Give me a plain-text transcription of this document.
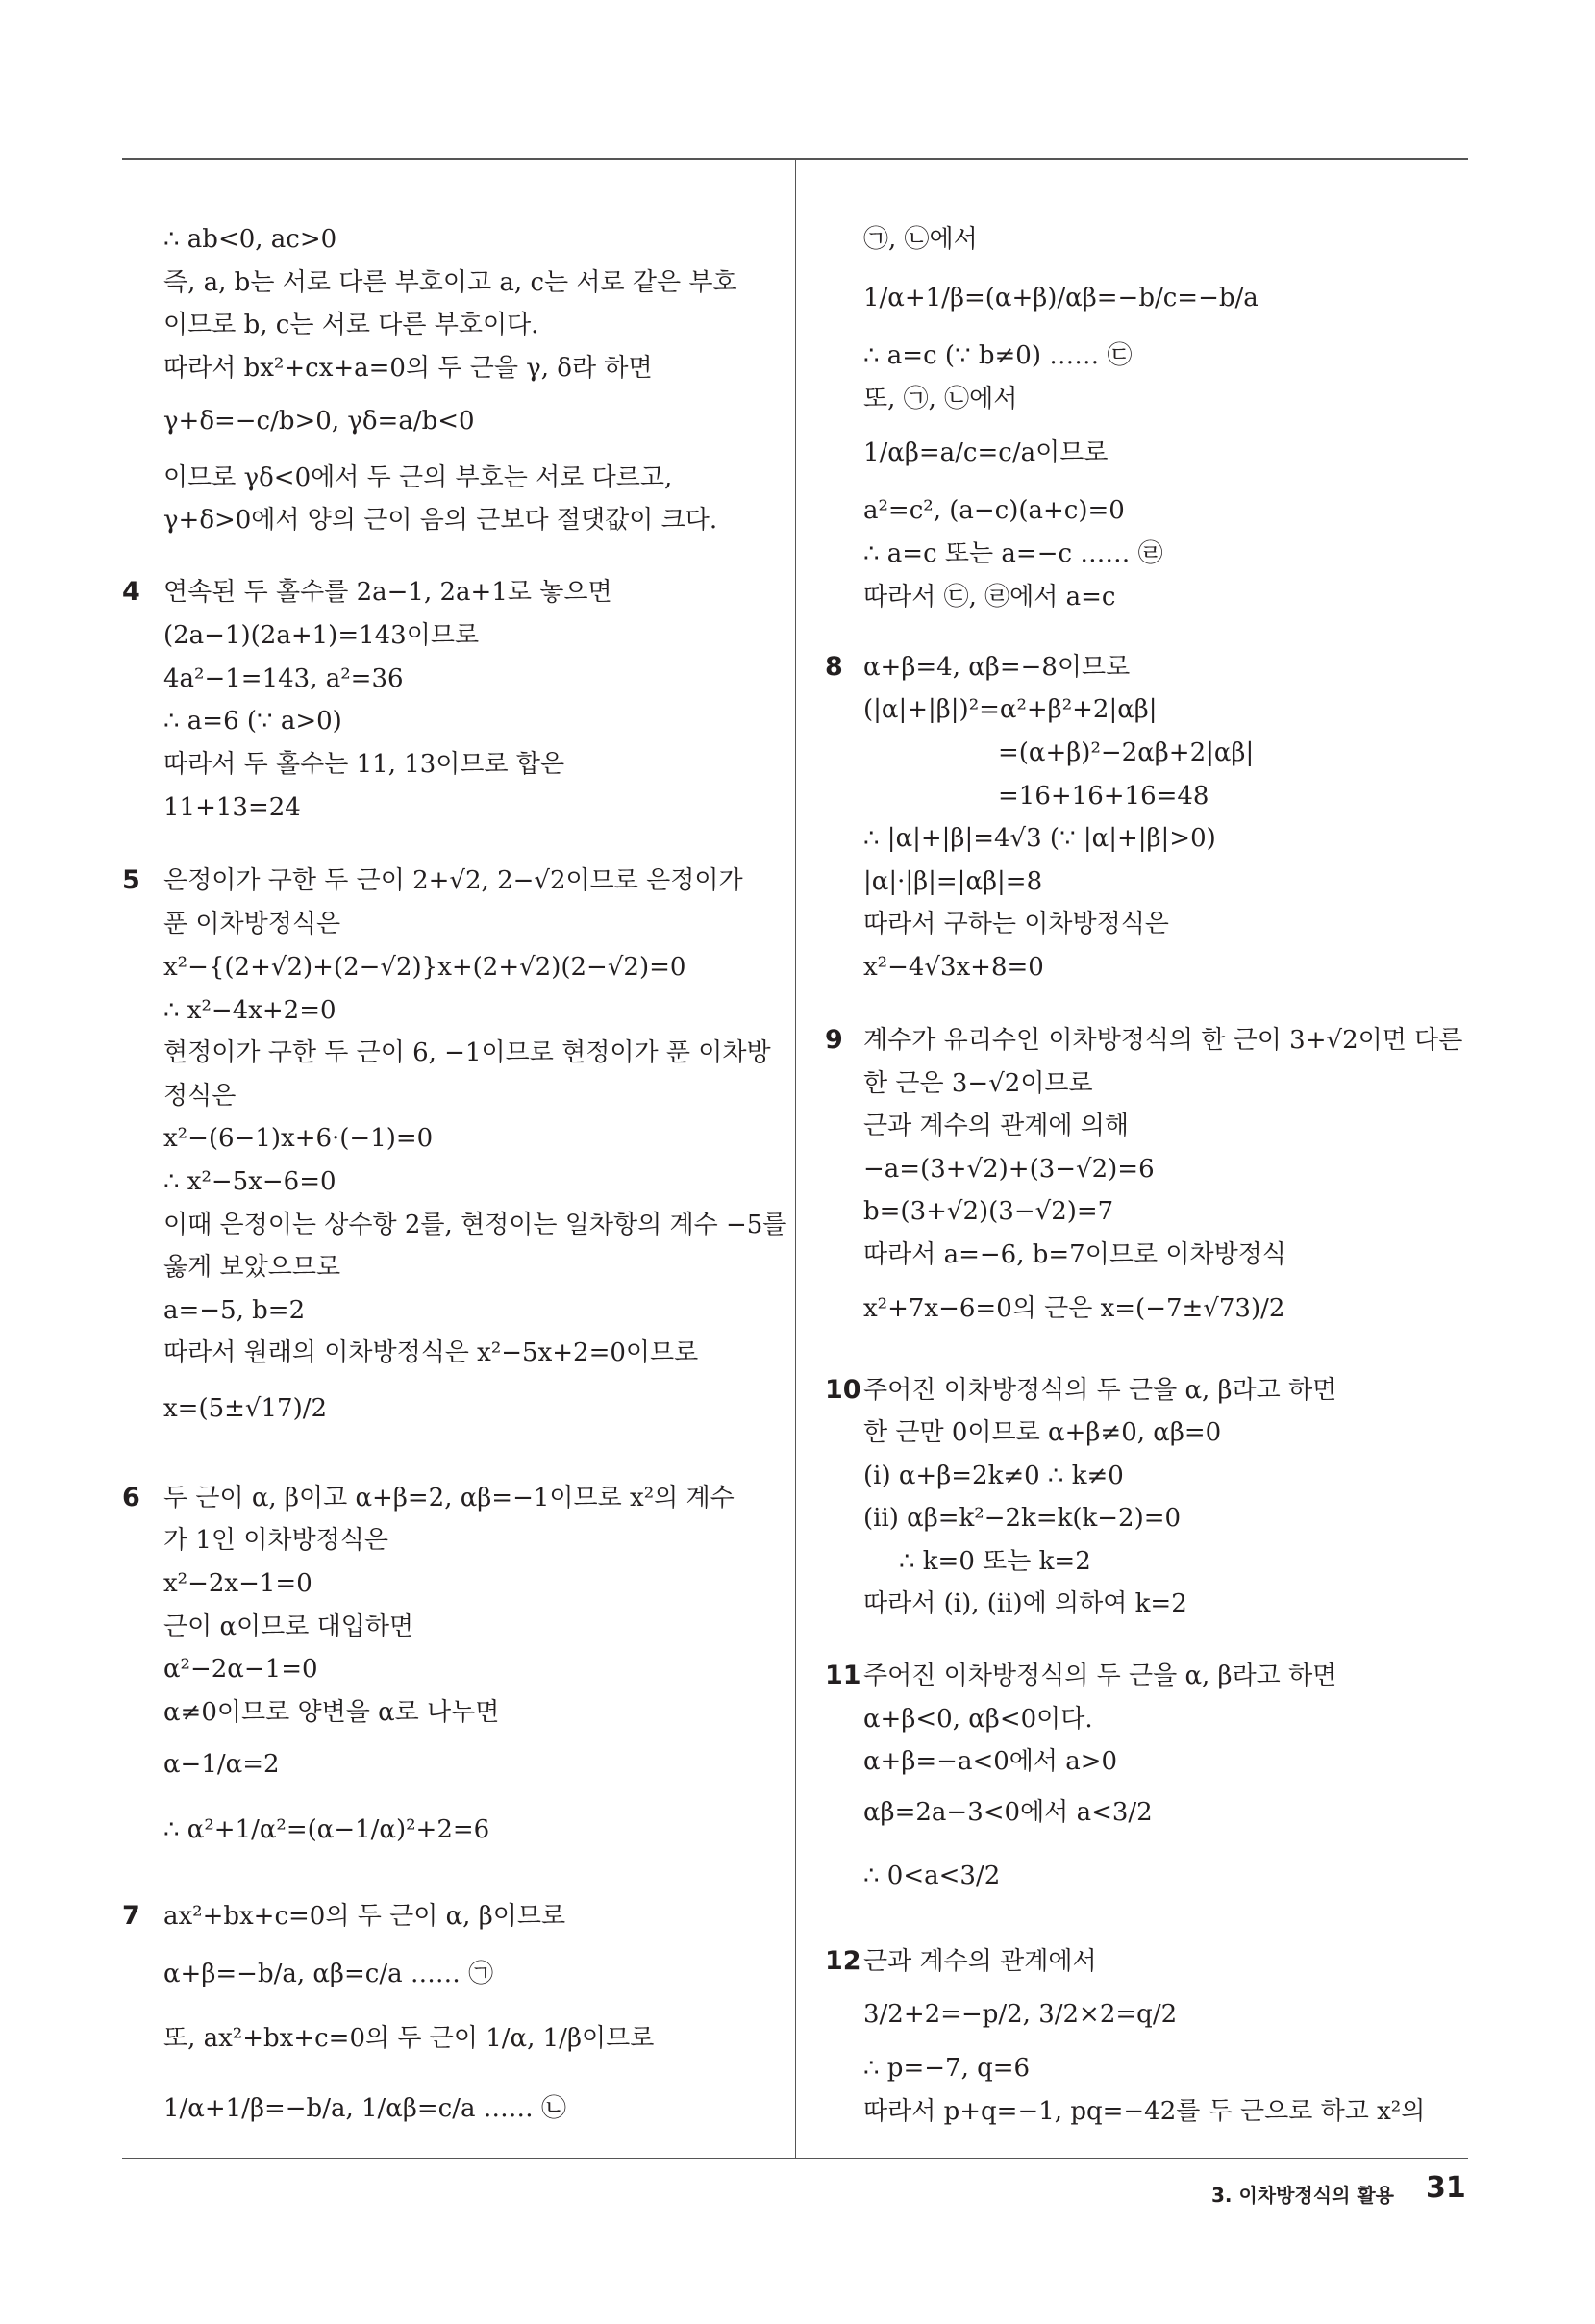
∴ ab<0, ac>0
즉, a, b는 서로 다른 부호이고 a, c는 서로 같은 부호
이므로 b, c는 서로 다른 부호이다.
따라서 bx²+cx+a=0의 두 근을 γ, δ라 하면
γ+δ=−c/b>0, γδ=a/b<0
이므로 γδ<0에서 두 근의 부호는 서로 다르고,
γ+δ>0에서 양의 근이 음의 근보다 절댓값이 크다.
4 연속된 두 홀수를 2a−1, 2a+1로 놓으면
(2a−1)(2a+1)=143이므로
4a²−1=143, a²=36
∴ a=6 (∵ a>0)
따라서 두 홀수는 11, 13이므로 합은
11+13=24
5 은정이가 구한 두 근이 2+√2, 2−√2이므로 은정이가
푼 이차방정식은
x²−{(2+√2)+(2−√2)}x+(2+√2)(2−√2)=0
∴ x²−4x+2=0
현정이가 구한 두 근이 6, −1이므로 현정이가 푼 이차방
정식은
x²−(6−1)x+6·(−1)=0
∴ x²−5x−6=0
이때 은정이는 상수항 2를, 현정이는 일차항의 계수 −5를
옳게 보았으므로
a=−5, b=2
따라서 원래의 이차방정식은 x²−5x+2=0이므로
x=(5±√17)/2
6 두 근이 α, β이고 α+β=2, αβ=−1이므로 x²의 계수
가 1인 이차방정식은
x²−2x−1=0
근이 α이므로 대입하면
α²−2α−1=0
α≠0이므로 양변을 α로 나누면
α−1/α=2
∴ α²+1/α²=(α−1/α)²+2=6
7 ax²+bx+c=0의 두 근이 α, β이므로
α+β=−b/a, αβ=c/a …… ㉠
또, ax²+bx+c=0의 두 근이 1/α, 1/β이므로
1/α+1/β=−b/a, 1/αβ=c/a …… ㉡
㉠, ㉡에서
1/α+1/β=(α+β)/αβ=−b/c=−b/a
∴ a=c (∵ b≠0) …… ㉢
또, ㉠, ㉡에서
1/αβ=a/c=c/a이므로
a²=c², (a−c)(a+c)=0
∴ a=c 또는 a=−c …… ㉣
따라서 ㉢, ㉣에서 a=c
8 α+β=4, αβ=−8이므로
(|α|+|β|)²=α²+β²+2|αβ|
=(α+β)²−2αβ+2|αβ|
=16+16+16=48
∴ |α|+|β|=4√3 (∵ |α|+|β|>0)
|α|·|β|=|αβ|=8
따라서 구하는 이차방정식은
x²−4√3x+8=0
9 계수가 유리수인 이차방정식의 한 근이 3+√2이면 다른
한 근은 3−√2이므로
근과 계수의 관계에 의해
−a=(3+√2)+(3−√2)=6
b=(3+√2)(3−√2)=7
따라서 a=−6, b=7이므로 이차방정식
x²+7x−6=0의 근은 x=(−7±√73)/2
10 주어진 이차방정식의 두 근을 α, β라고 하면
한 근만 0이므로 α+β≠0, αβ=0
(ⅰ) α+β=2k≠0 ∴ k≠0
(ⅱ) αβ=k²−2k=k(k−2)=0
∴ k=0 또는 k=2
따라서 (ⅰ), (ⅱ)에 의하여 k=2
11 주어진 이차방정식의 두 근을 α, β라고 하면
α+β<0, αβ<0이다.
α+β=−a<0에서 a>0
αβ=2a−3<0에서 a<3/2
∴ 0<a<3/2
12 근과 계수의 관계에서
3/2+2=−p/2, 3/2×2=q/2
∴ p=−7, q=6
따라서 p+q=−1, pq=−42를 두 근으로 하고 x²의
3. 이차방정식의 활용 31
